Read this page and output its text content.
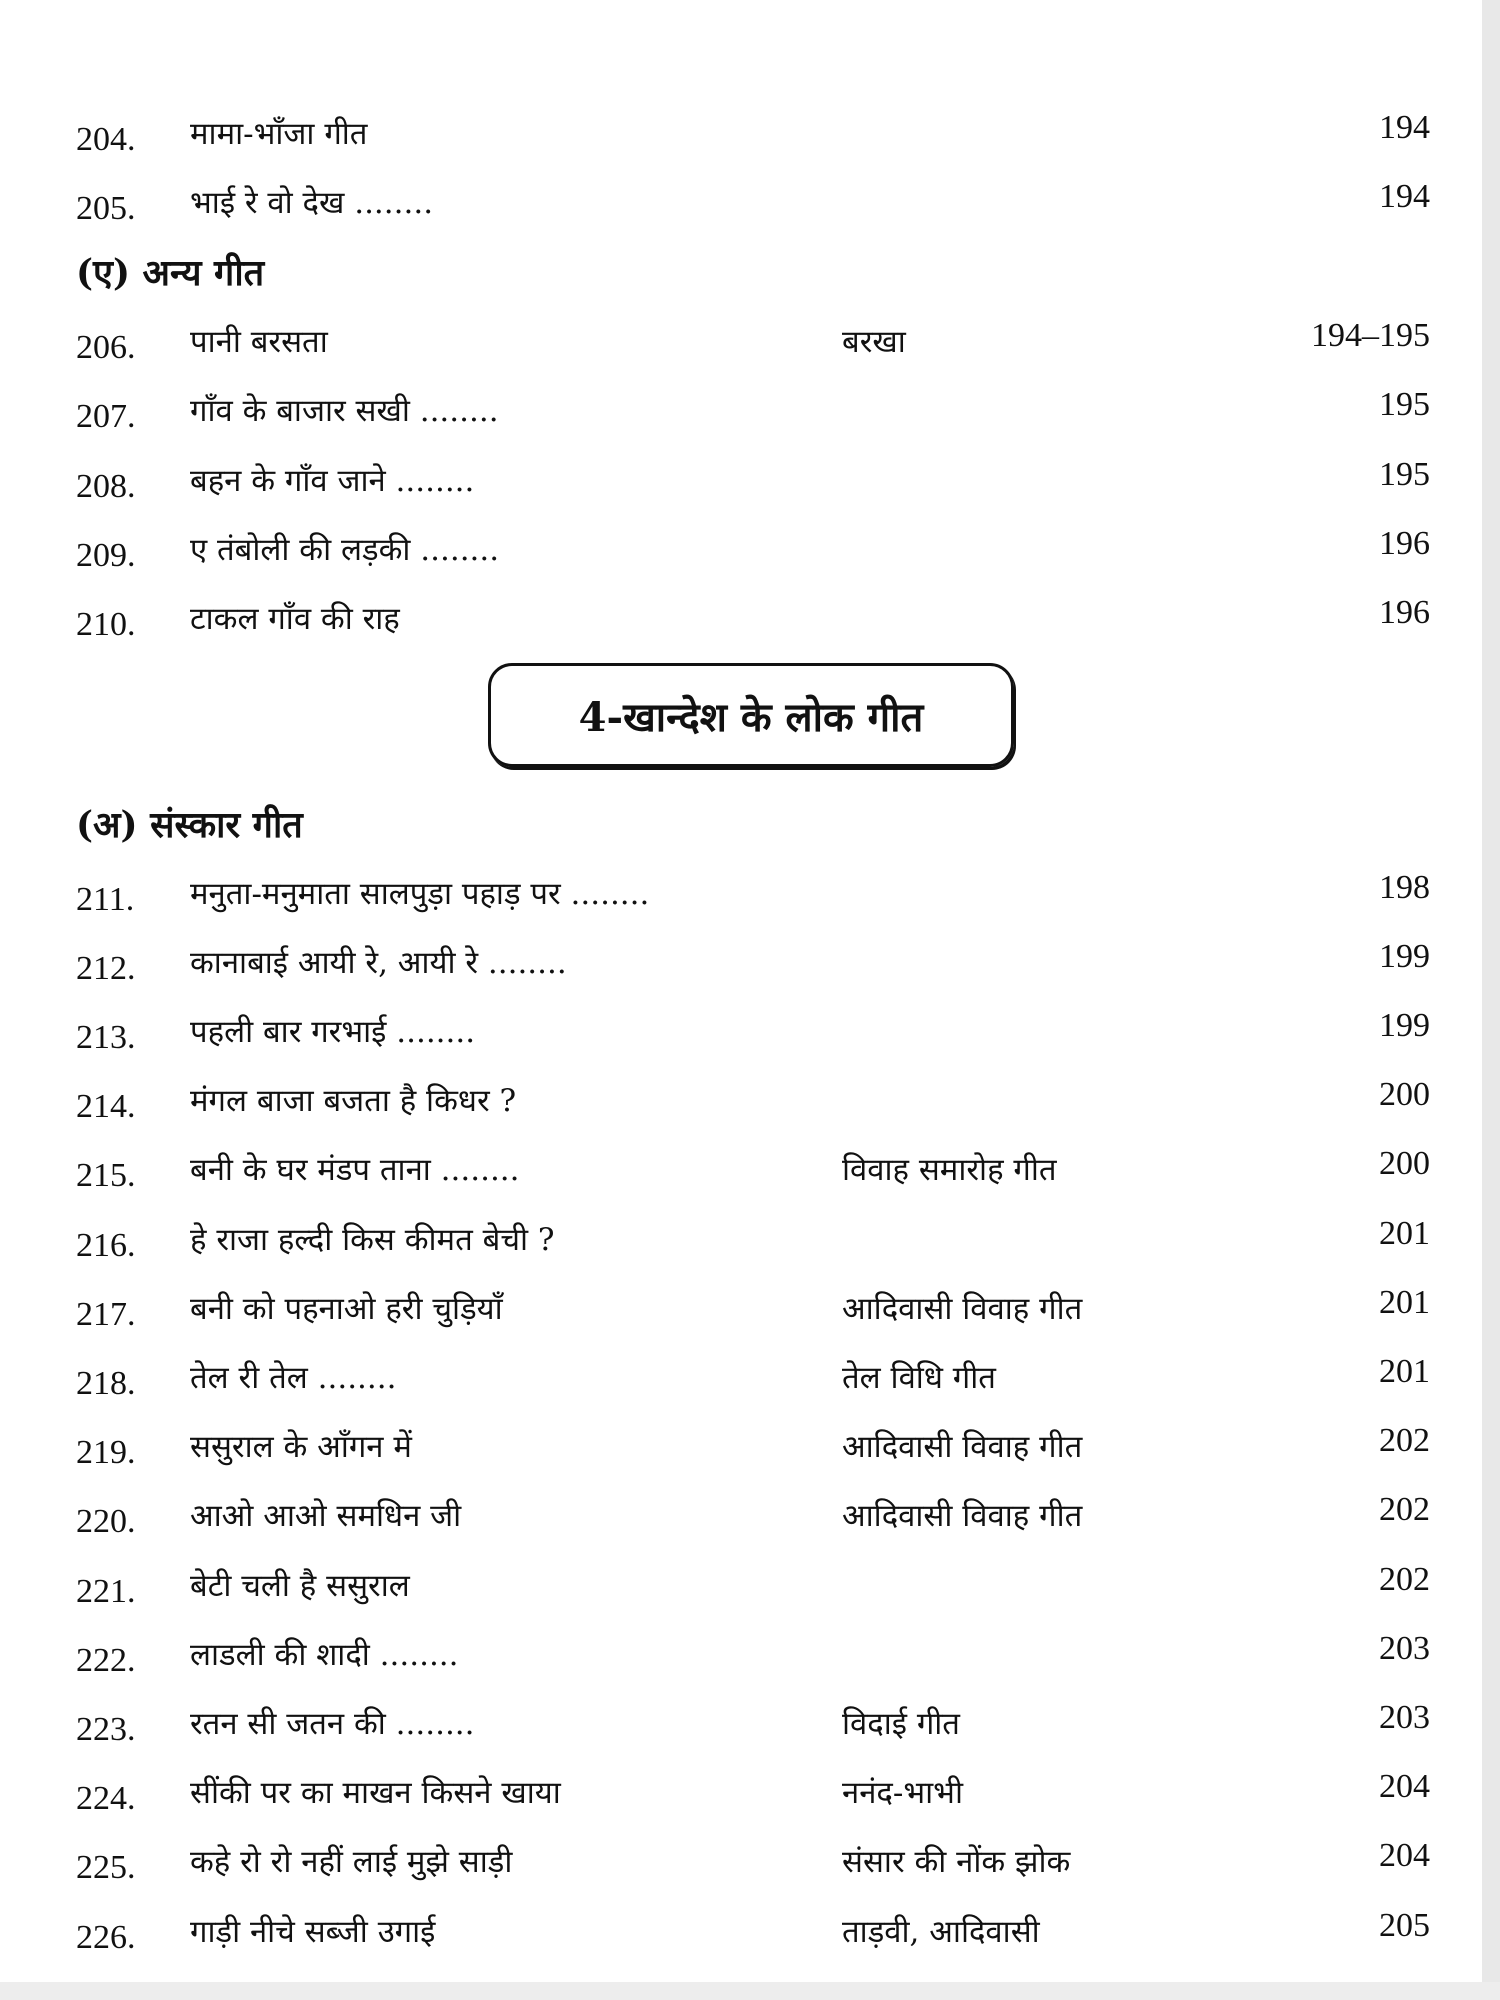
204. मामा-भाँजा गीत	194
205. भाई रे वो देख ........	194
(ए) अन्य गीत
206. पानी बरसता	बरखा	194–195
207. गाँव के बाजार सखी ........	195
208. बहन के गाँव जाने ........	195
209. ए तंबोली की लड़की ........	196
210. टाकल गाँव की राह	196
4-खान्देश के लोक गीत
(अ) संस्कार गीत
211. मनुता-मनुमाता सालपुड़ा पहाड़ पर ........	198
212. कानाबाई आयी रे, आयी रे ........	199
213. पहली बार गरभाई ........	199
214. मंगल बाजा बजता है किधर ?	200
215. बनी के घर मंडप ताना ........	विवाह समारोह गीत	200
216. हे राजा हल्दी किस कीमत बेची ?	201
217. बनी को पहनाओ हरी चुड़ियाँ	आदिवासी विवाह गीत	201
218. तेल री तेल ........	तेल विधि गीत	201
219. ससुराल के आँगन में	आदिवासी विवाह गीत	202
220. आओ आओ समधिन जी	आदिवासी विवाह गीत	202
221. बेटी चली है ससुराल	202
222. लाडली की शादी ........	203
223. रतन सी जतन की ........	विदाई गीत	203
224. सींकी पर का माखन किसने खाया	ननंद-भाभी	204
225. कहे रो रो नहीं लाई मुझे साड़ी	संसार की नोंक झोक	204
226. गाड़ी नीचे सब्जी उगाई	ताड़वी, आदिवासी	205
